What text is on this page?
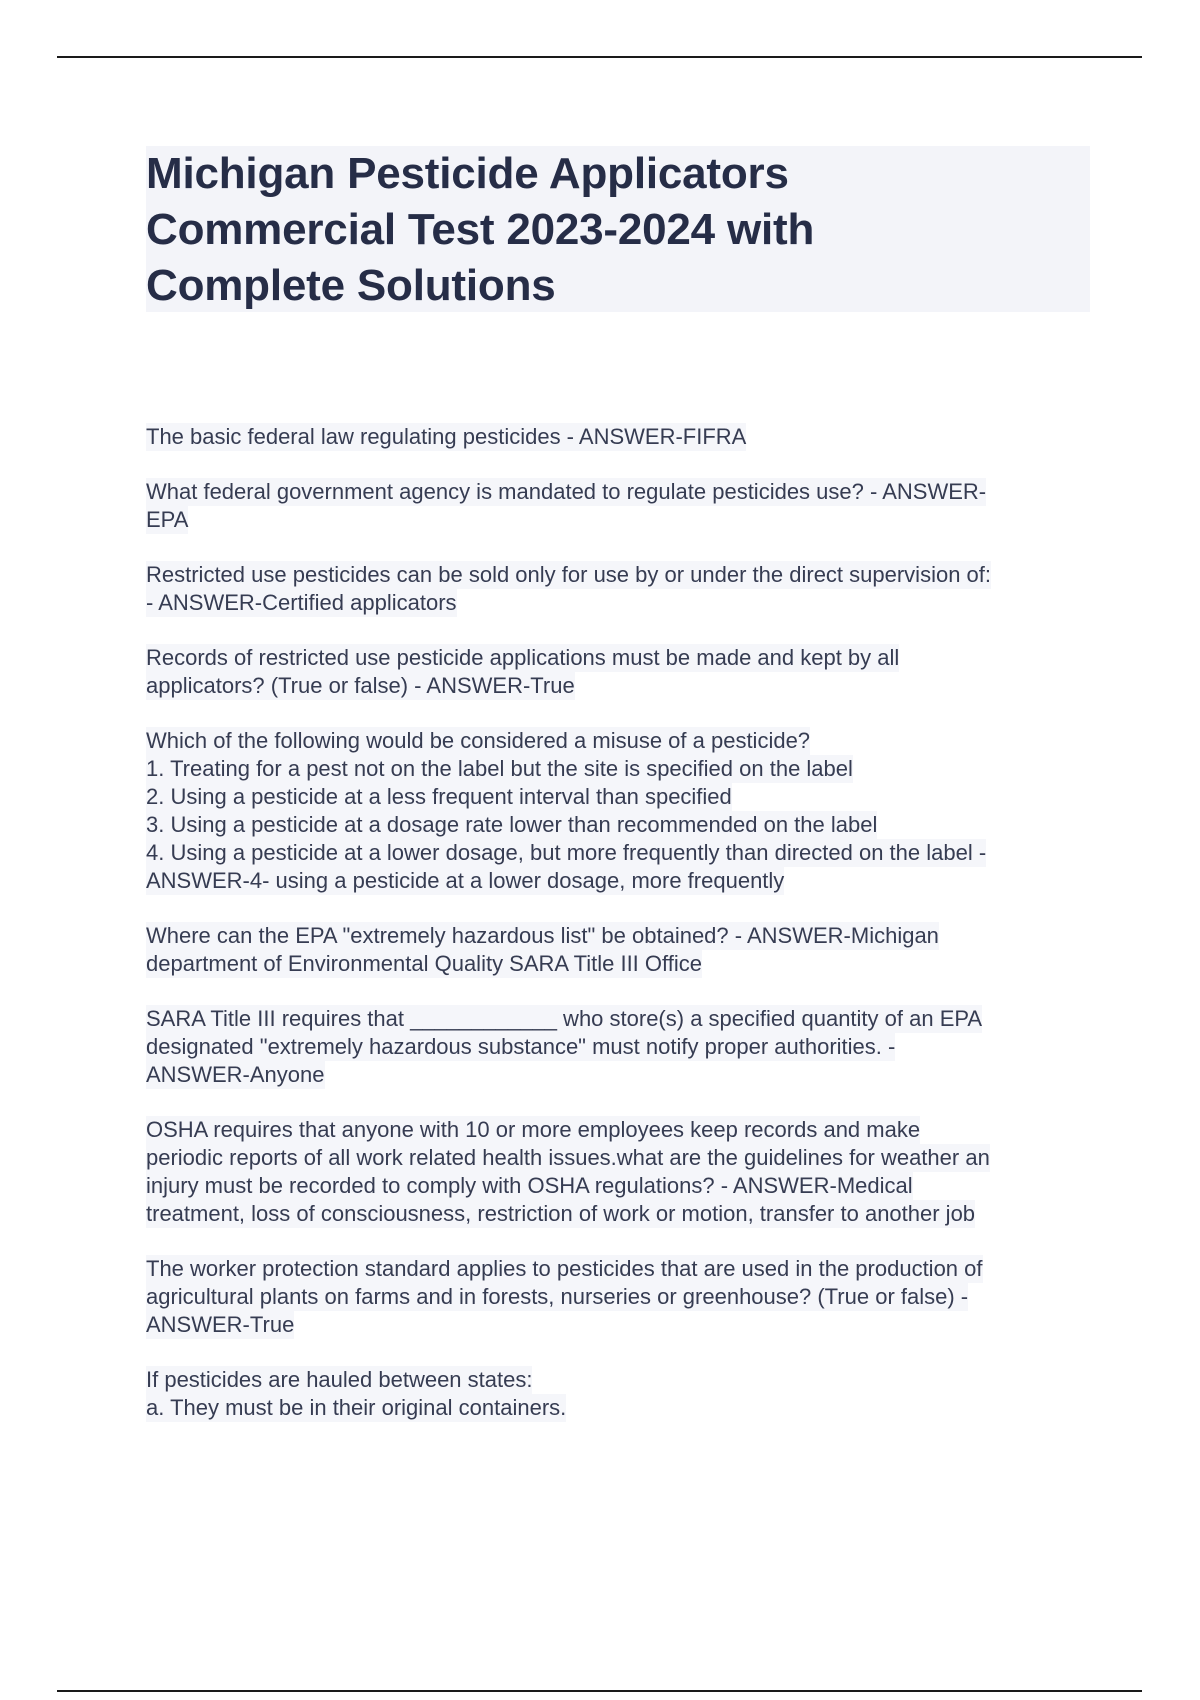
Michigan Pesticide Applicators
Commercial Test 2023-2024 with
Complete Solutions
The basic federal law regulating pesticides - ANSWER-FIFRA
What federal government agency is mandated to regulate pesticides use? - ANSWER-
EPA
Restricted use pesticides can be sold only for use by or under the direct supervision of:
- ANSWER-Certified applicators
Records of restricted use pesticide applications must be made and kept by all
applicators? (True or false) - ANSWER-True
Which of the following would be considered a misuse of a pesticide?
1. Treating for a pest not on the label but the site is specified on the label
2. Using a pesticide at a less frequent interval than specified
3. Using a pesticide at a dosage rate lower than recommended on the label
4. Using a pesticide at a lower dosage, but more frequently than directed on the label -
ANSWER-4- using a pesticide at a lower dosage, more frequently
Where can the EPA "extremely hazardous list" be obtained? - ANSWER-Michigan
department of Environmental Quality SARA Title III Office
SARA Title III requires that ____________ who store(s) a specified quantity of an EPA
designated "extremely hazardous substance" must notify proper authorities. -
ANSWER-Anyone
OSHA requires that anyone with 10 or more employees keep records and make
periodic reports of all work related health issues.what are the guidelines for weather an
injury must be recorded to comply with OSHA regulations? - ANSWER-Medical
treatment, loss of consciousness, restriction of work or motion, transfer to another job
The worker protection standard applies to pesticides that are used in the production of
agricultural plants on farms and in forests, nurseries or greenhouse? (True or false) -
ANSWER-True
If pesticides are hauled between states:
a. They must be in their original containers.
